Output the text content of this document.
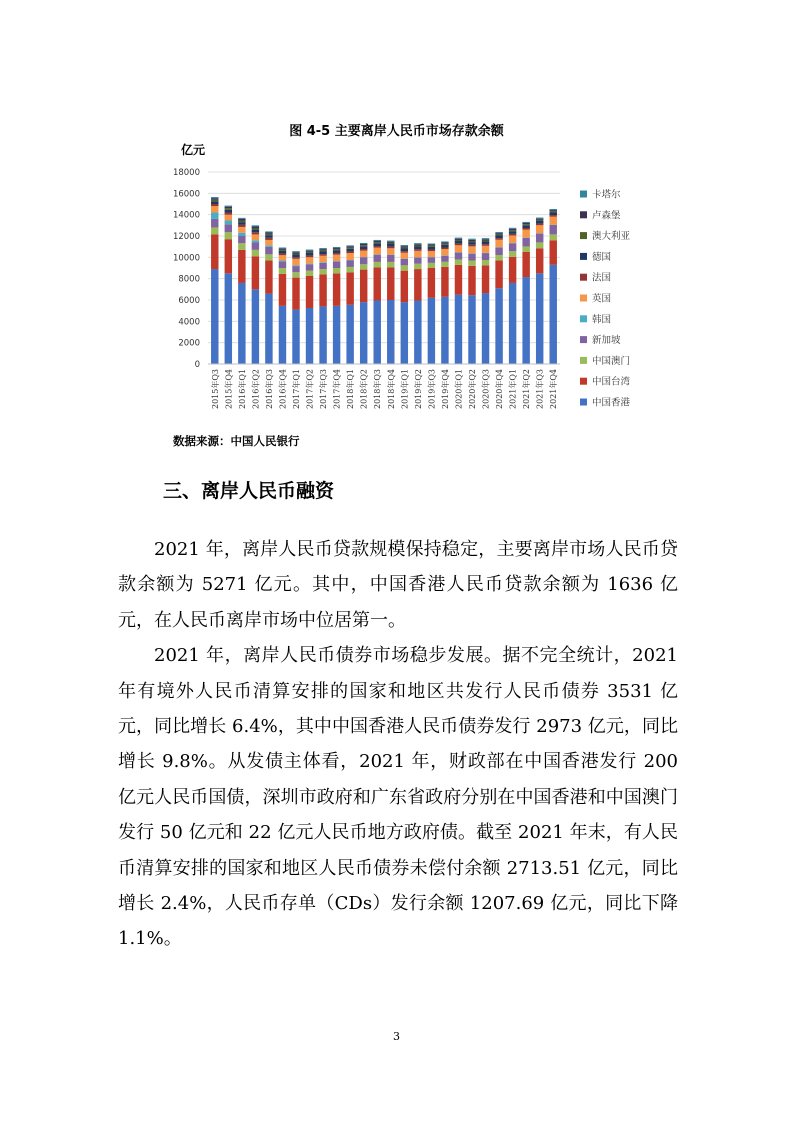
图 4-5 主要离岸人民币市场存款余额
亿元
0
2000
4000
6000
8000
10000
12000
14000
16000
18000
2015年Q3 2015年Q4 2016年Q1 2016年Q2 2016年Q3 2016年Q4 2017年Q1 2017年Q2 2017年Q3 2017年Q4 2018年Q1 2018年Q2 2018年Q3 2018年Q4 2019年Q1 2019年Q2 2019年Q3 2019年Q4 2020年Q1 2020年Q2 2020年Q3 2020年Q4 2021年Q1 2021年Q2 2021年Q3 2021年Q4
卡塔尔
卢森堡
澳大利亚
德国
法国
英国
韩国
新加坡
中国澳门
中国台湾
中国香港
数据来源：中国人民银行
三、离岸人民币融资

2021 年，离岸人民币贷款规模保持稳定，主要离岸市场人民币贷款余额为 5271 亿元。其中，中国香港人民币贷款余额为 1636 亿元，在人民币离岸市场中位居第一。

2021 年，离岸人民币债券市场稳步发展。据不完全统计，2021 年有境外人民币清算安排的国家和地区共发行人民币债券 3531 亿元，同比增长 6.4%，其中中国香港人民币债券发行 2973 亿元，同比增长 9.8%。从发债主体看，2021 年，财政部在中国香港发行 200 亿元人民币国债，深圳市政府和广东省政府分别在中国香港和中国澳门发行 50 亿元和 22 亿元人民币地方政府债。截至 2021 年末，有人民币清算安排的国家和地区人民币债券未偿付余额 2713.51 亿元，同比增长 2.4%，人民币存单（CDs）发行余额 1207.69 亿元，同比下降 1.1%。

3
